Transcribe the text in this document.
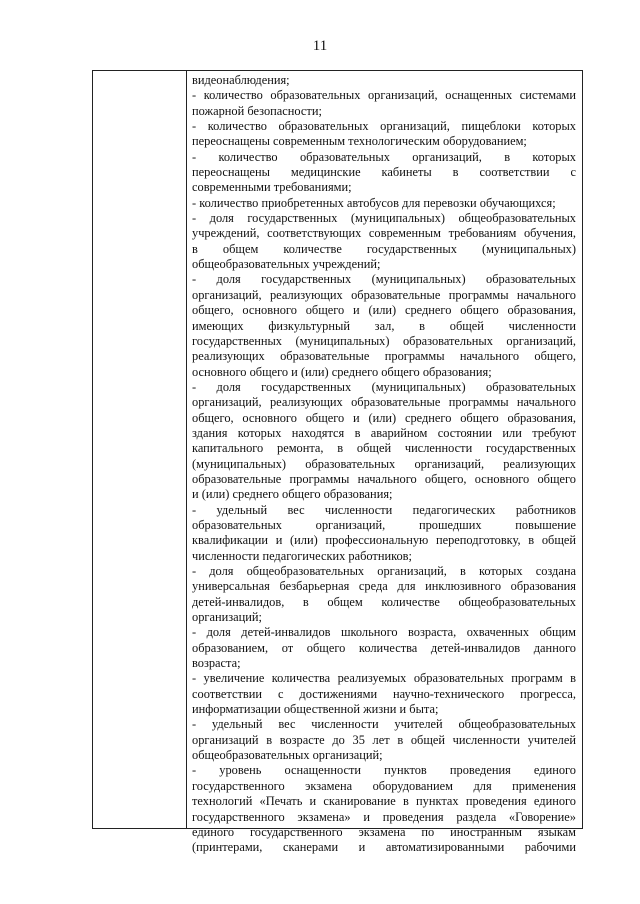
11
видеонаблюдения;
- количество образовательных организаций, оснащенных системами
пожарной безопасности;
- количество образовательных организаций, пищеблоки которых
переоснащены современным технологическим оборудованием;
- количество образовательных организаций, в которых
переоснащены медицинские кабинеты в соответствии с
современными требованиями;
- количество приобретенных автобусов для перевозки обучающихся;
- доля государственных (муниципальных) общеобразовательных
учреждений, соответствующих современным требованиям обучения,
в общем количестве государственных (муниципальных)
общеобразовательных учреждений;
- доля государственных (муниципальных) образовательных
организаций, реализующих образовательные программы начального
общего, основного общего и (или) среднего общего образования,
имеющих физкультурный зал, в общей численности
государственных (муниципальных) образовательных организаций,
реализующих образовательные программы начального общего,
основного общего и (или) среднего общего образования;
- доля государственных (муниципальных) образовательных
организаций, реализующих образовательные программы начального
общего, основного общего и (или) среднего общего образования,
здания которых находятся в аварийном состоянии или требуют
капитального ремонта, в общей численности государственных
(муниципальных) образовательных организаций, реализующих
образовательные программы начального общего, основного общего
и (или) среднего общего образования;
- удельный вес численности педагогических работников
образовательных организаций, прошедших повышение
квалификации и (или) профессиональную переподготовку, в общей
численности педагогических работников;
- доля общеобразовательных организаций, в которых создана
универсальная безбарьерная среда для инклюзивного образования
детей-инвалидов, в общем количестве общеобразовательных
организаций;
- доля детей-инвалидов школьного возраста, охваченных общим
образованием, от общего количества детей-инвалидов данного
возраста;
- увеличение количества реализуемых образовательных программ в
соответствии с достижениями научно-технического прогресса,
информатизации общественной жизни и быта;
- удельный вес численности учителей общеобразовательных
организаций в возрасте до 35 лет в общей численности учителей
общеобразовательных организаций;
- уровень оснащенности пунктов проведения единого
государственного экзамена оборудованием для применения
технологий «Печать и сканирование в пунктах проведения единого
государственного экзамена» и проведения раздела «Говорение»
единого государственного экзамена по иностранным языкам
(принтерами, сканерами и автоматизированными рабочими
